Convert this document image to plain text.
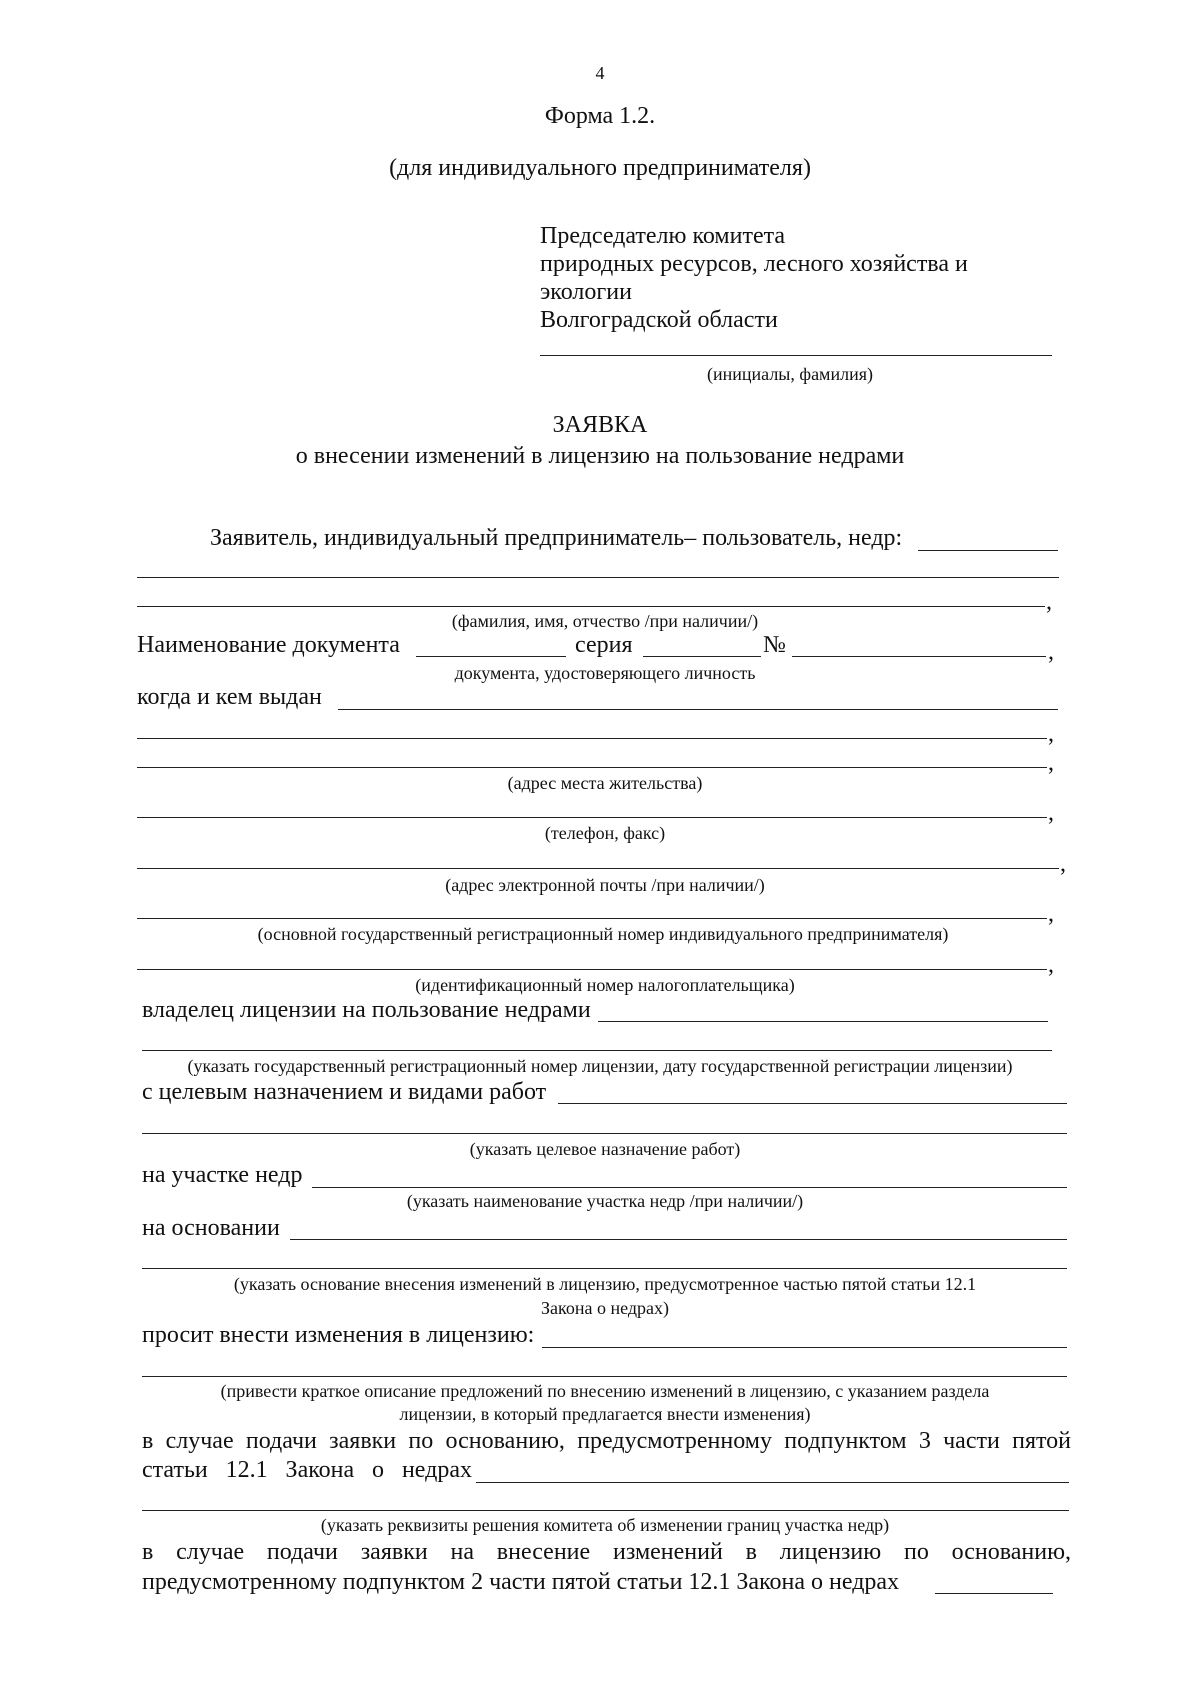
4
Форма 1.2.
(для индивидуального предпринимателя)
Председателю комитета
природных ресурсов, лесного хозяйства и
экологии
Волгоградской области
(инициалы, фамилия)
ЗАЯВКА
о внесении изменений в лицензию на пользование недрами
Заявитель, индивидуальный предприниматель– пользователь, недр:
,
(фамилия, имя, отчество /при наличии/)
Наименование документа	серия	№	,
документа, удостоверяющего личность
когда и кем выдан
,
,
(адрес места жительства)
,
(телефон, факс)
,
(адрес электронной почты /при наличии/)
,
(основной государственный регистрационный номер индивидуального предпринимателя)
,
(идентификационный номер налогоплательщика)
владелец лицензии на пользование недрами
(указать государственный регистрационный номер лицензии, дату государственной регистрации лицензии)
с целевым назначением и видами работ
(указать целевое назначение работ)
на участке недр
(указать наименование участка недр /при наличии/)
на основании
(указать основание внесения изменений в лицензию, предусмотренное частью пятой статьи 12.1
Закона о недрах)
просит внести изменения в лицензию:
(привести краткое описание предложений по внесению изменений в лицензию, с указанием раздела
лицензии, в который предлагается внести изменения)
в случае подачи заявки по основанию, предусмотренному подпунктом 3 части пятой
статьи 12.1 Закона о недрах
(указать реквизиты решения комитета об изменении границ участка недр)
в случае подачи заявки на внесение изменений в лицензию по основанию,
предусмотренному подпунктом 2 части пятой статьи 12.1 Закона о недрах
